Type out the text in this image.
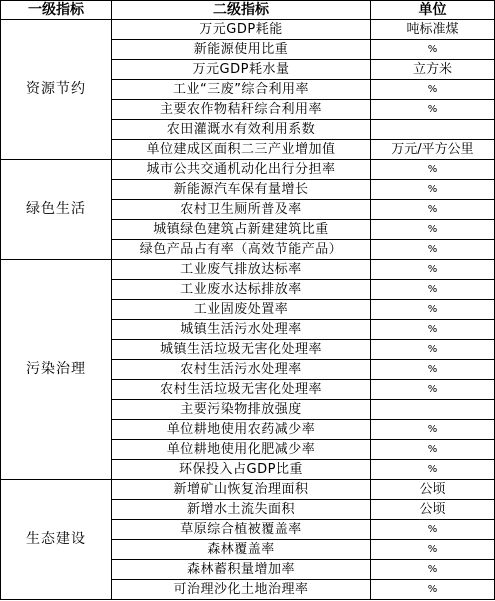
一级指标	二级指标	单位
资源节约	万元GDP耗能	吨标准煤
	新能源使用比重	%
	万元GDP耗水量	立方米
	工业“三废”综合利用率	%
	主要农作物秸秆综合利用率	%
	农田灌溉水有效利用系数	
	单位建成区面积二三产业增加值	万元/平方公里
绿色生活	城市公共交通机动化出行分担率	%
	新能源汽车保有量增长	%
	农村卫生厕所普及率	%
	城镇绿色建筑占新建建筑比重	%
	绿色产品占有率（高效节能产品）	%
污染治理	工业废气排放达标率	%
	工业废水达标排放率	%
	工业固废处置率	%
	城镇生活污水处理率	%
	城镇生活垃圾无害化处理率	%
	农村生活污水处理率	%
	农村生活垃圾无害化处理率	%
	主要污染物排放强度	
	单位耕地使用农药减少率	%
	单位耕地使用化肥减少率	%
	环保投入占GDP比重	%
生态建设	新增矿山恢复治理面积	公顷
	新增水土流失面积	公顷
	草原综合植被覆盖率	%
	森林覆盖率	%
	森林蓄积量增加率	%
	可治理沙化土地治理率	%
